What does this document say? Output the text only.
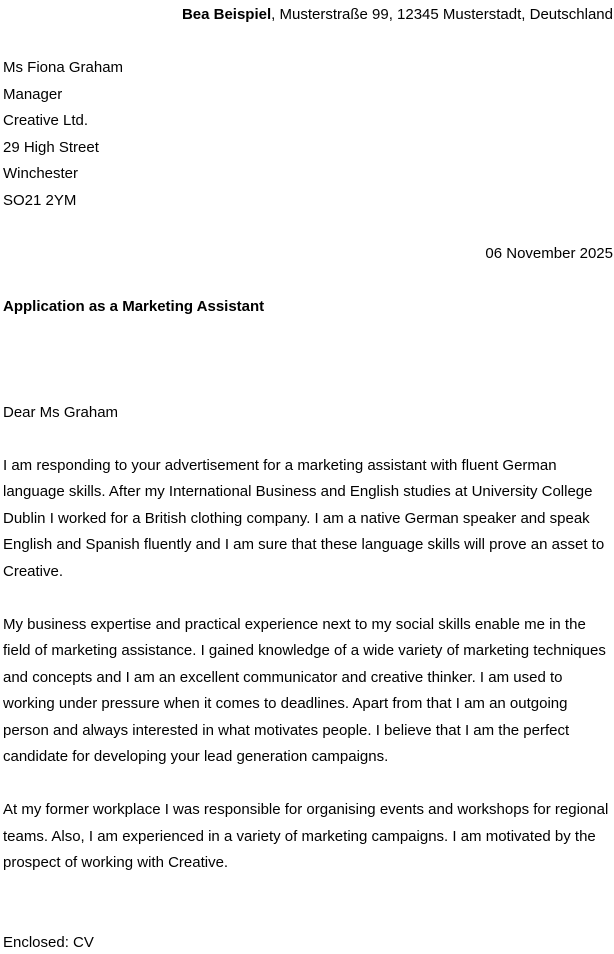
Bea Beispiel, Musterstraße 99, 12345 Musterstadt, Deutschland
Ms Fiona Graham
Manager
Creative Ltd.
29 High Street
Winchester
SO21 2YM
06 November 2025
Application as a Marketing Assistant
Dear Ms Graham

I am responding to your advertisement for a marketing assistant with fluent German language skills. After my International Business and English studies at University College Dublin I worked for a British clothing company. I am a native German speaker and speak English and Spanish fluently and I am sure that these language skills will prove an asset to Creative.

My business expertise and practical experience next to my social skills enable me in the field of marketing assistance. I gained knowledge of a wide variety of marketing techniques and concepts and I am an excellent communicator and creative thinker. I am used to working under pressure when it comes to deadlines. Apart from that I am an outgoing person and always interested in what motivates people. I believe that I am the perfect candidate for developing your lead generation campaigns.

At my former workplace I was responsible for organising events and workshops for regional teams. Also, I am experienced in a variety of marketing campaigns. I am motivated by the prospect of working with Creative.

Enclosed: CV
